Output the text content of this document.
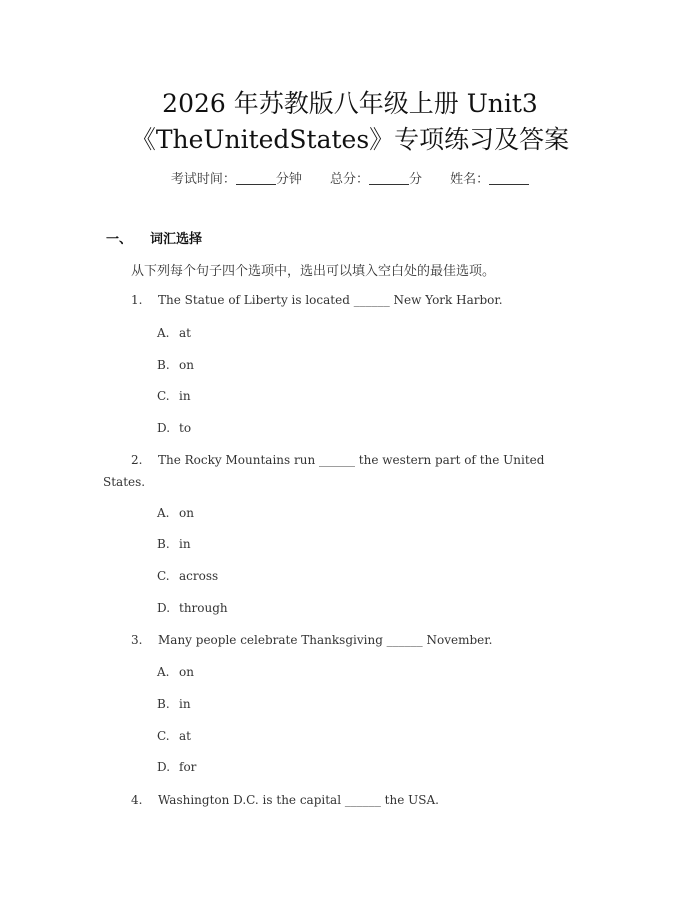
2026 年苏教版八年级上册 Unit3
《TheUnitedStates》专项练习及答案
考试时间：	分钟 总分：	分 姓名：
一、 词汇选择
从下列每个句子四个选项中，选出可以填入空白处的最佳选项。
1. The Statue of Liberty is located ______ New York Harbor.
A. at
B. on
C. in
D. to
2. The Rocky Mountains run ______ the western part of the United
States.
A. on
B. in
C. across
D. through
3. Many people celebrate Thanksgiving ______ November.
A. on
B. in
C. at
D. for
4. Washington D.C. is the capital ______ the USA.
